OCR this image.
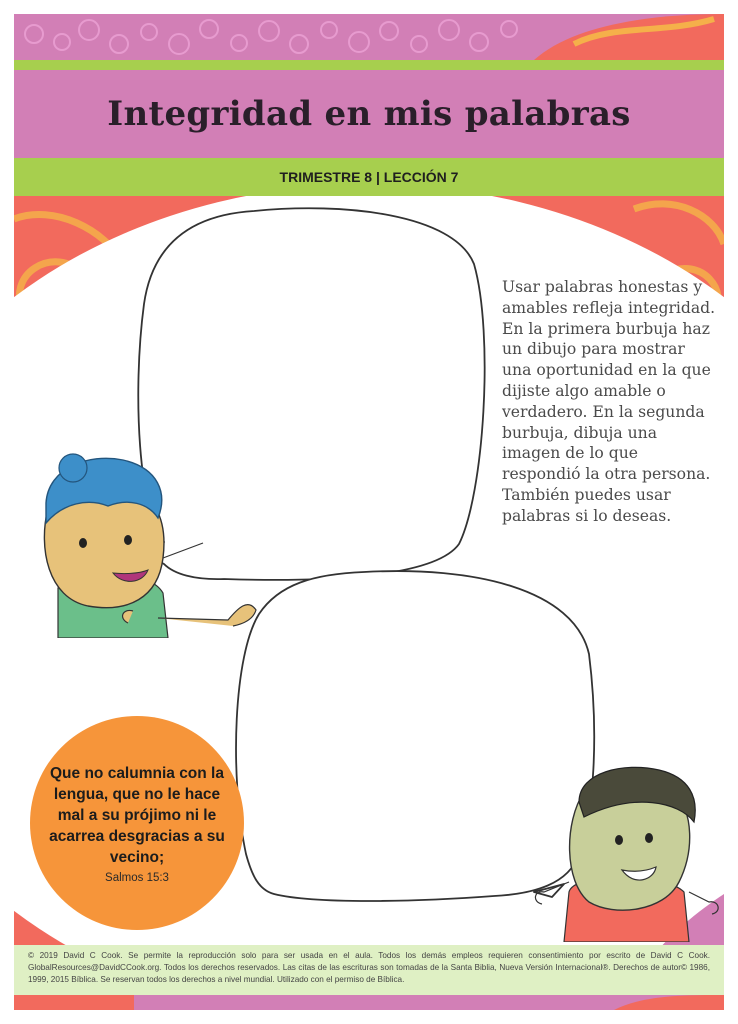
Integridad en mis palabras
TRIMESTRE 8 | LECCIÓN 7

Usar palabras honestas y amables refleja integridad. En la primera burbuja haz un dibujo para mostrar una oportunidad en la que dijiste algo amable o verdadero. En la segunda burbuja, dibuja una imagen de lo que respondió la otra persona. También puedes usar palabras si lo deseas.

Que no calumnia con la lengua, que no le hace mal a su prójimo ni le acarrea desgracias a su vecino;

Salmos 15:3

© 2019 David C Cook. Se permite la reproducción solo para ser usada en el aula. Todos los demás empleos requieren consentimiento por escrito de David C Cook. GlobalResources@DavidCCook.org. Todos los derechos reservados. Las citas de las escrituras son tomadas de la Santa Biblia, Nueva Versión Internacional®. Derechos de autor© 1986, 1999, 2015 Bíblica. Se reservan todos los derechos a nivel mundial. Utilizado con el permiso de Bíblica.
